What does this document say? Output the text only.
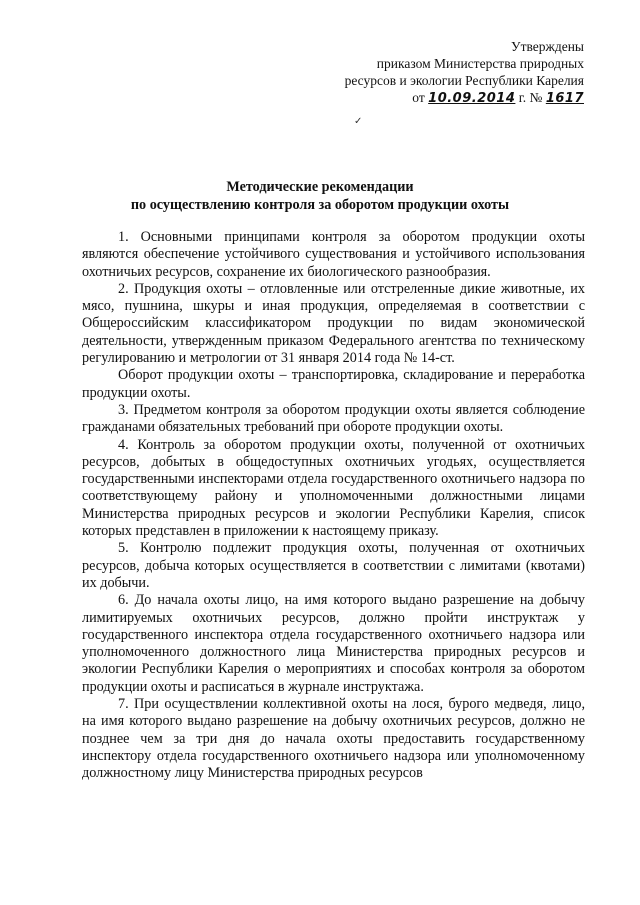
Утверждены
приказом Министерства природных
ресурсов и экологии Республики Карелия
от 10.09.2014 г. № 1617
✓
Методические рекомендации
по осуществлению контроля за оборотом продукции охоты

1. Основными принципами контроля за оборотом продукции охоты являются обеспечение устойчивого существования и устойчивого использования охотничьих ресурсов, сохранение их биологического разнообразия.

2. Продукция охоты – отловленные или отстреленные дикие животные, их мясо, пушнина, шкуры и иная продукция, определяемая в соответствии с Общероссийским классификатором продукции по видам экономической деятельности, утвержденным приказом Федерального агентства по техническому регулированию и метрологии от 31 января 2014 года № 14-ст.

Оборот продукции охоты – транспортировка, складирование и переработка продукции охоты.

3. Предметом контроля за оборотом продукции охоты является соблюдение гражданами обязательных требований при обороте продукции охоты.

4. Контроль за оборотом продукции охоты, полученной от охотничьих ресурсов, добытых в общедоступных охотничьих угодьях, осуществляется государственными инспекторами отдела государственного охотничьего надзора по соответствующему району и уполномоченными должностными лицами Министерства природных ресурсов и экологии Республики Карелия, список которых представлен в приложении к настоящему приказу.

5. Контролю подлежит продукция охоты, полученная от охотничьих ресурсов, добыча которых осуществляется в соответствии с лимитами (квотами) их добычи.

6. До начала охоты лицо, на имя которого выдано разрешение на добычу лимитируемых охотничьих ресурсов, должно пройти инструктаж у государственного инспектора отдела государственного охотничьего надзора или уполномоченного должностного лица Министерства природных ресурсов и экологии Республики Карелия о мероприятиях и способах контроля за оборотом продукции охоты и расписаться в журнале инструктажа.

7. При осуществлении коллективной охоты на лося, бурого медведя, лицо, на имя которого выдано разрешение на добычу охотничьих ресурсов, должно не позднее чем за три дня до начала охоты предоставить государственному инспектору отдела государственного охотничьего надзора или уполномоченному должностному лицу Министерства природных ресурсов
